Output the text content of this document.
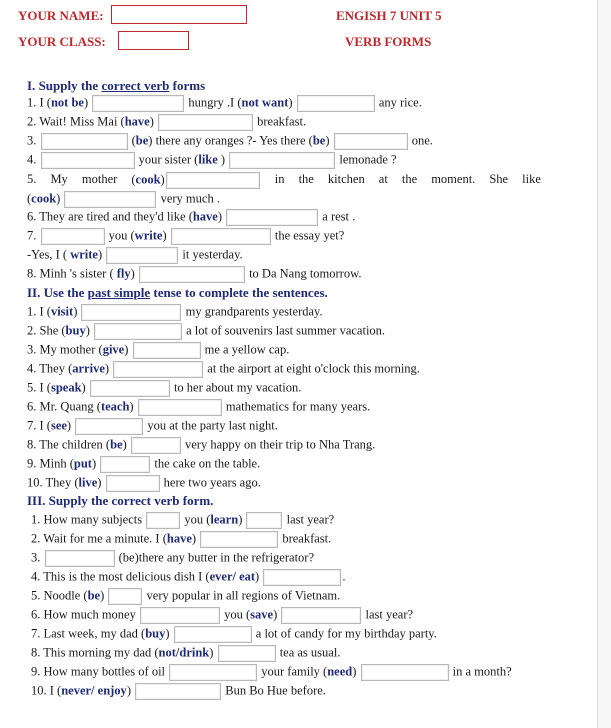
YOUR NAME:
YOUR CLASS:
ENGISH 7 UNIT 5
VERB FORMS
I. Supply the correct verb forms
1. I (not be)	hungry .I (not want)	any rice.
2. Wait! Miss Mai (have)	breakfast.
3.	(be) there any oranges ?- Yes there (be)	one.
4.	your sister (like )	lemonade ?
5. My mother (cook)	in the kitchen at the moment. She like
(cook)	very much .
6. They are tired and they'd like (have)	a rest .
7.	you (write)	the essay yet?
-Yes, I ( write)	it yesterday.
8. Minh 's sister ( fly)	to Da Nang tomorrow.
II. Use the past simple tense to complete the sentences.
1. I (visit)	my grandparents yesterday.
2. She (buy)	a lot of souvenirs last summer vacation.
3. My mother (give)	me a yellow cap.
4. They (arrive)	at the airport at eight o'clock this morning.
5. I (speak)	to her about my vacation.
6. Mr. Quang (teach)	mathematics for many years.
7. I (see)	you at the party last night.
8. The children (be)	very happy on their trip to Nha Trang.
9. Minh (put)	the cake on the table.
10. They (live)	here two years ago.
III. Supply the correct verb form.
1. How many subjects	you (learn)	last year?
2. Wait for me a minute. I (have)	breakfast.
3.	(be)there any butter in the refrigerator?
4. This is the most delicious dish I (ever/ eat)	.
5. Noodle (be)	very popular in all regions of Vietnam.
6. How much money	you (save)	last year?
7. Last week, my dad (buy)	a lot of candy for my birthday party.
8. This morning my dad (not/drink)	tea as usual.
9. How many bottles of oil	your family (need)	in a month?
10. I (never/ enjoy)	Bun Bo Hue before.
